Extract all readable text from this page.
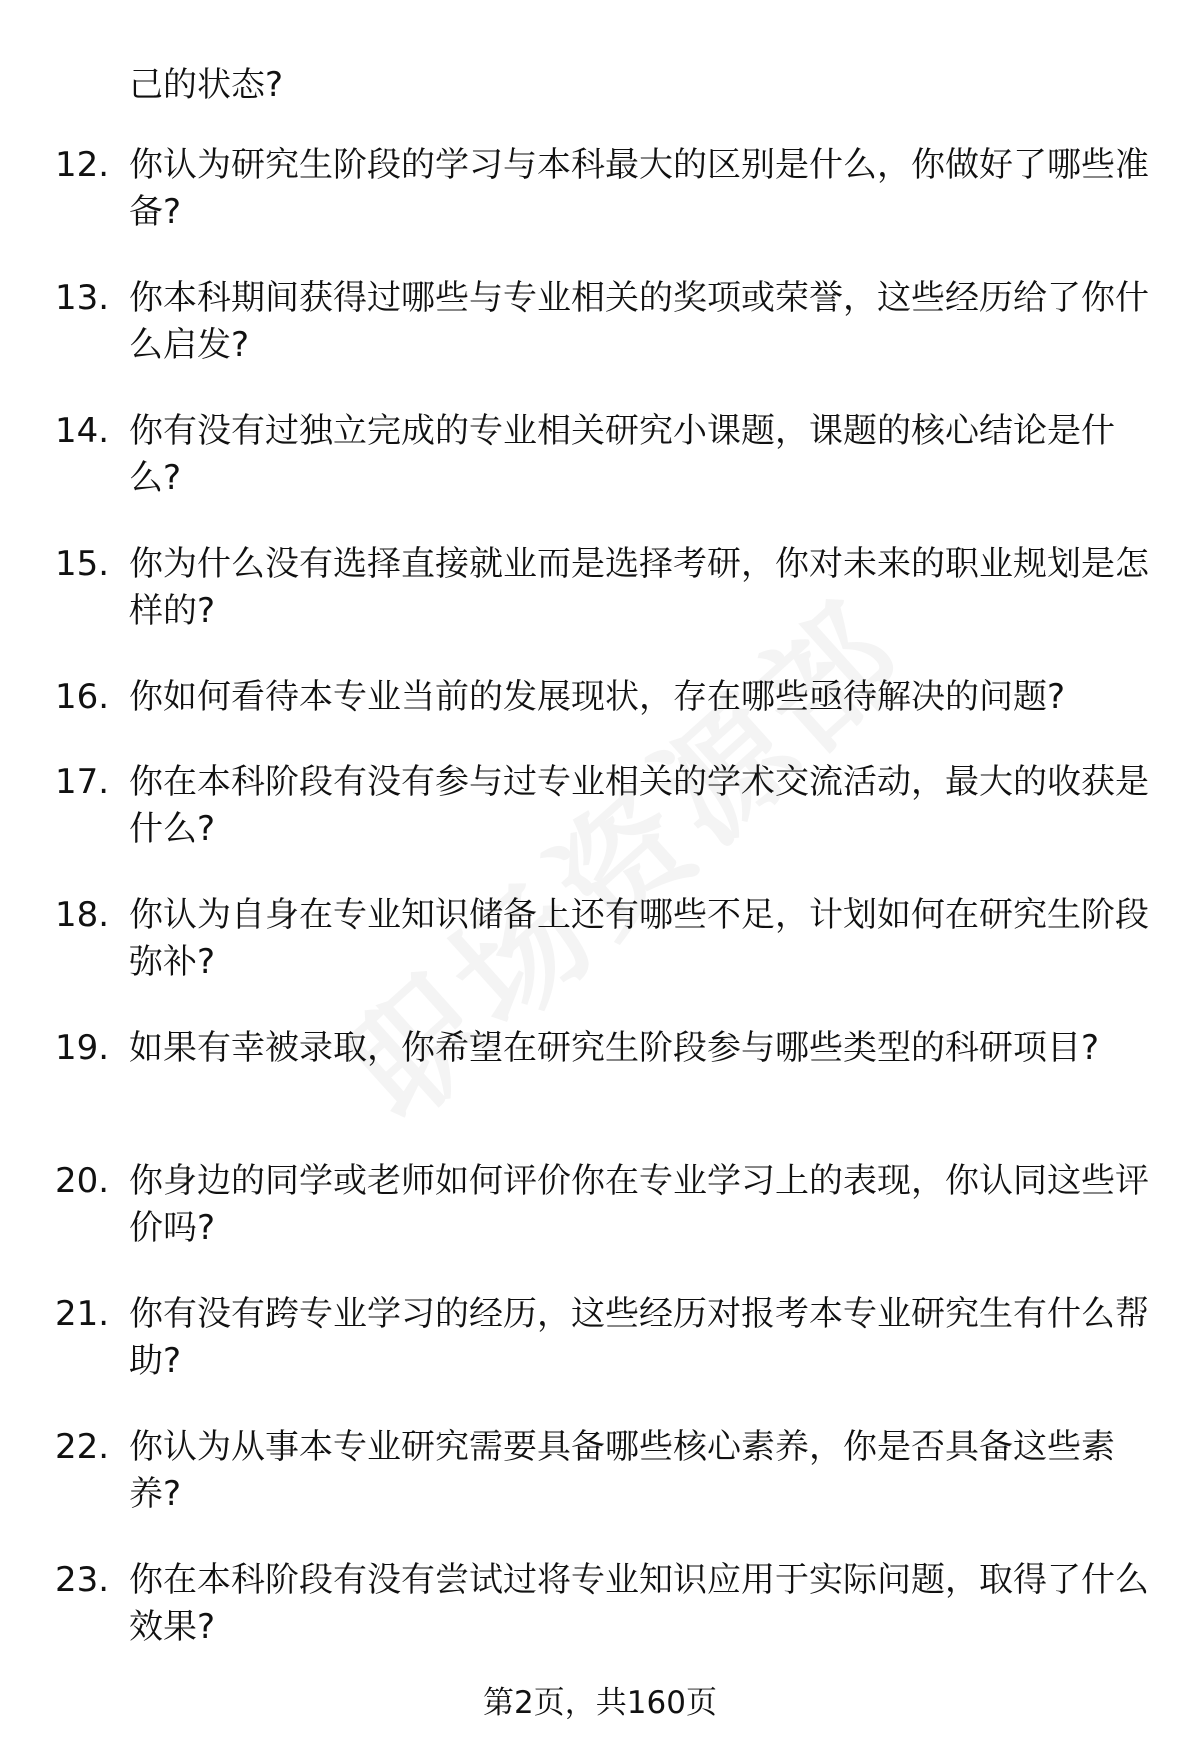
己的状态?
12. 你认为研究生阶段的学习与本科最大的区别是什么，你做好了哪些准备?
13. 你本科期间获得过哪些与专业相关的奖项或荣誉，这些经历给了你什么启发?
14. 你有没有过独立完成的专业相关研究小课题，课题的核心结论是什么?
15. 你为什么没有选择直接就业而是选择考研，你对未来的职业规划是怎样的?
16. 你如何看待本专业当前的发展现状，存在哪些亟待解决的问题?
17. 你在本科阶段有没有参与过专业相关的学术交流活动，最大的收获是什么?
18. 你认为自身在专业知识储备上还有哪些不足，计划如何在研究生阶段弥补?
19. 如果有幸被录取，你希望在研究生阶段参与哪些类型的科研项目?
20. 你身边的同学或老师如何评价你在专业学习上的表现，你认同这些评价吗?
21. 你有没有跨专业学习的经历，这些经历对报考本专业研究生有什么帮助?
22. 你认为从事本专业研究需要具备哪些核心素养，你是否具备这些素养?
23. 你在本科阶段有没有尝试过将专业知识应用于实际问题，取得了什么效果?
第2页，共160页
